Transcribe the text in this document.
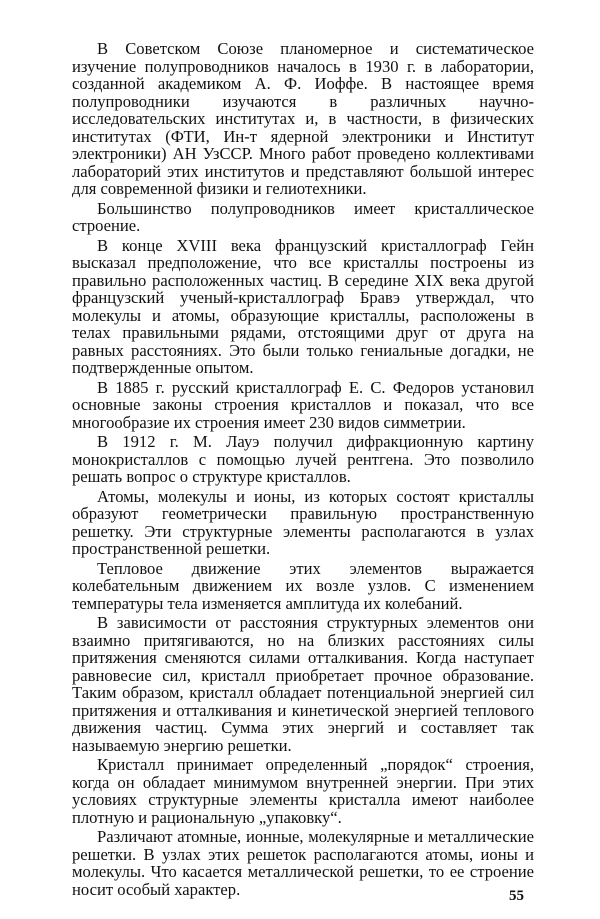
В Советском Союзе планомерное и систематическое изучение полупроводников началось в 1930 г. в лаборатории, созданной академиком А. Ф. Иоффе. В настоящее время полупроводники изучаются в различных научно-исследовательских институтах и, в частности, в физических институтах (ФТИ, Ин-т ядерной электроники и Институт электроники) АН УзССР. Много работ проведено коллективами лабораторий этих институтов и представляют большой интерес для современной физики и гелиотехники.

Большинство полупроводников имеет кристаллическое строение.

В конце XVIII века французский кристаллограф Гейн высказал предположение, что все кристаллы построены из правильно расположенных частиц. В середине XIX века другой французский ученый-кристаллограф Бравэ утверждал, что молекулы и атомы, образующие кристаллы, расположены в телах правильными рядами, отстоящими друг от друга на равных расстояниях. Это были только гениальные догадки, не подтвержденные опытом.

В 1885 г. русский кристаллограф Е. С. Федоров установил основные законы строения кристаллов и показал, что все многообразие их строения имеет 230 видов симметрии.

В 1912 г. М. Лауэ получил дифракционную картину монокристаллов с помощью лучей рентгена. Это позволило решать вопрос о структуре кристаллов.

Атомы, молекулы и ионы, из которых состоят кристаллы образуют геометрически правильную пространственную решетку. Эти структурные элементы располагаются в узлах пространственной решетки.

Тепловое движение этих элементов выражается колебательным движением их возле узлов. С изменением температуры тела изменяется амплитуда их колебаний.

В зависимости от расстояния структурных элементов они взаимно притягиваются, но на близких расстояниях силы притяжения сменяются силами отталкивания. Когда наступает равновесие сил, кристалл приобретает прочное образование. Таким образом, кристалл обладает потенциальной энергией сил притяжения и отталкивания и кинетической энергией теплового движения частиц. Сумма этих энергий и составляет так называемую энергию решетки.

Кристалл принимает определенный „порядок“ строения, когда он обладает минимумом внутренней энергии. При этих условиях структурные элементы кристалла имеют наиболее плотную и рациональную „упаковку“.

Различают атомные, ионные, молекулярные и металлические решетки. В узлах этих решеток располагаются атомы, ионы и молекулы. Что касается металлической решетки, то ее строение носит особый характер.	55
